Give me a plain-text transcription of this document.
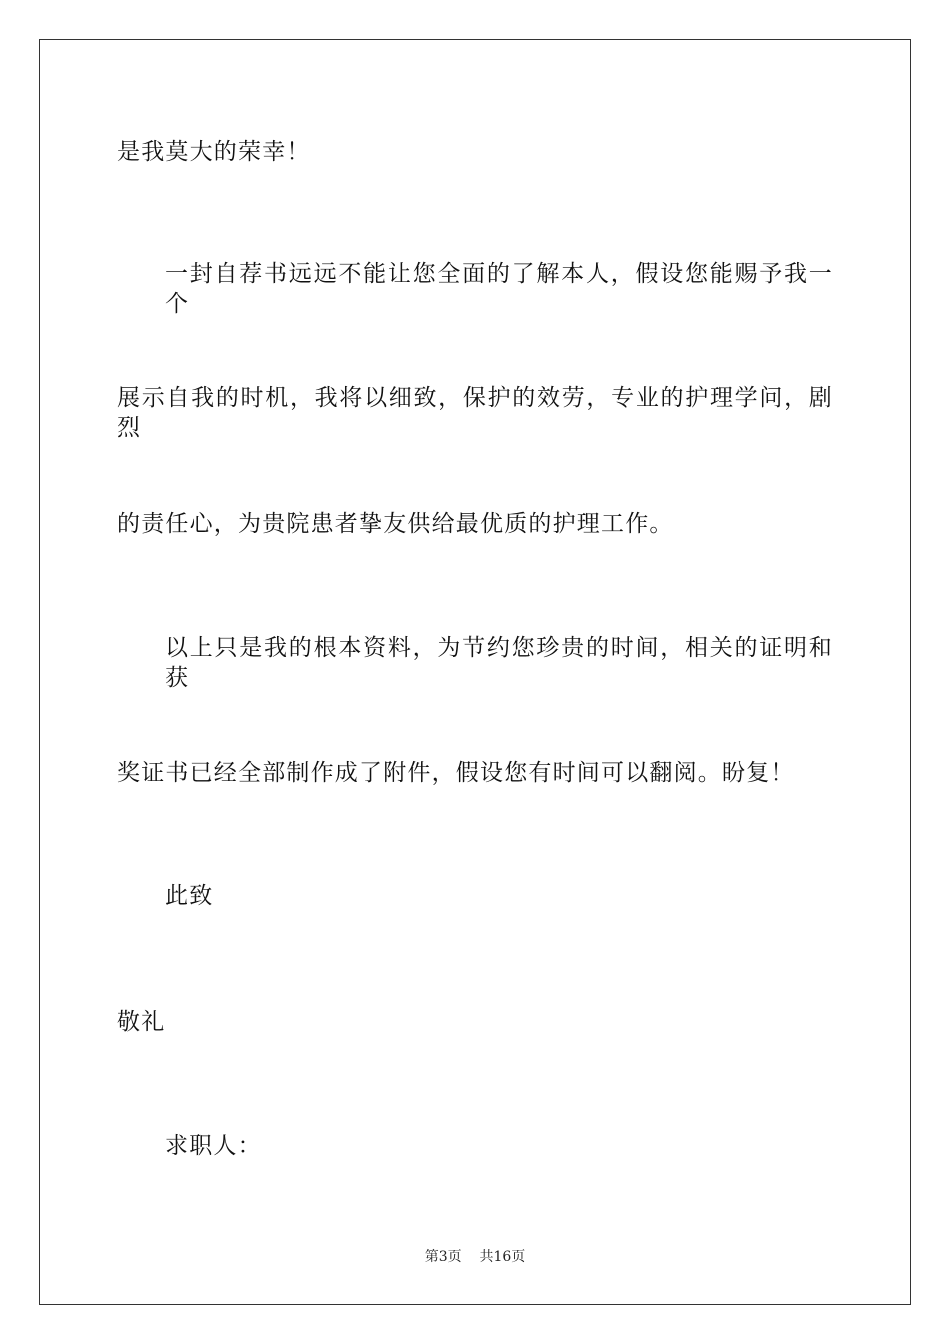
是我莫大的荣幸！
一封自荐书远远不能让您全面的了解本人，假设您能赐予我一个
展示自我的时机，我将以细致，保护的效劳，专业的护理学问，剧烈
的责任心，为贵院患者挚友供给最优质的护理工作。
以上只是我的根本资料，为节约您珍贵的时间，相关的证明和获
奖证书已经全部制作成了附件，假设您有时间可以翻阅。盼复！
此致
敬礼
求职人：
第3页 共16页
